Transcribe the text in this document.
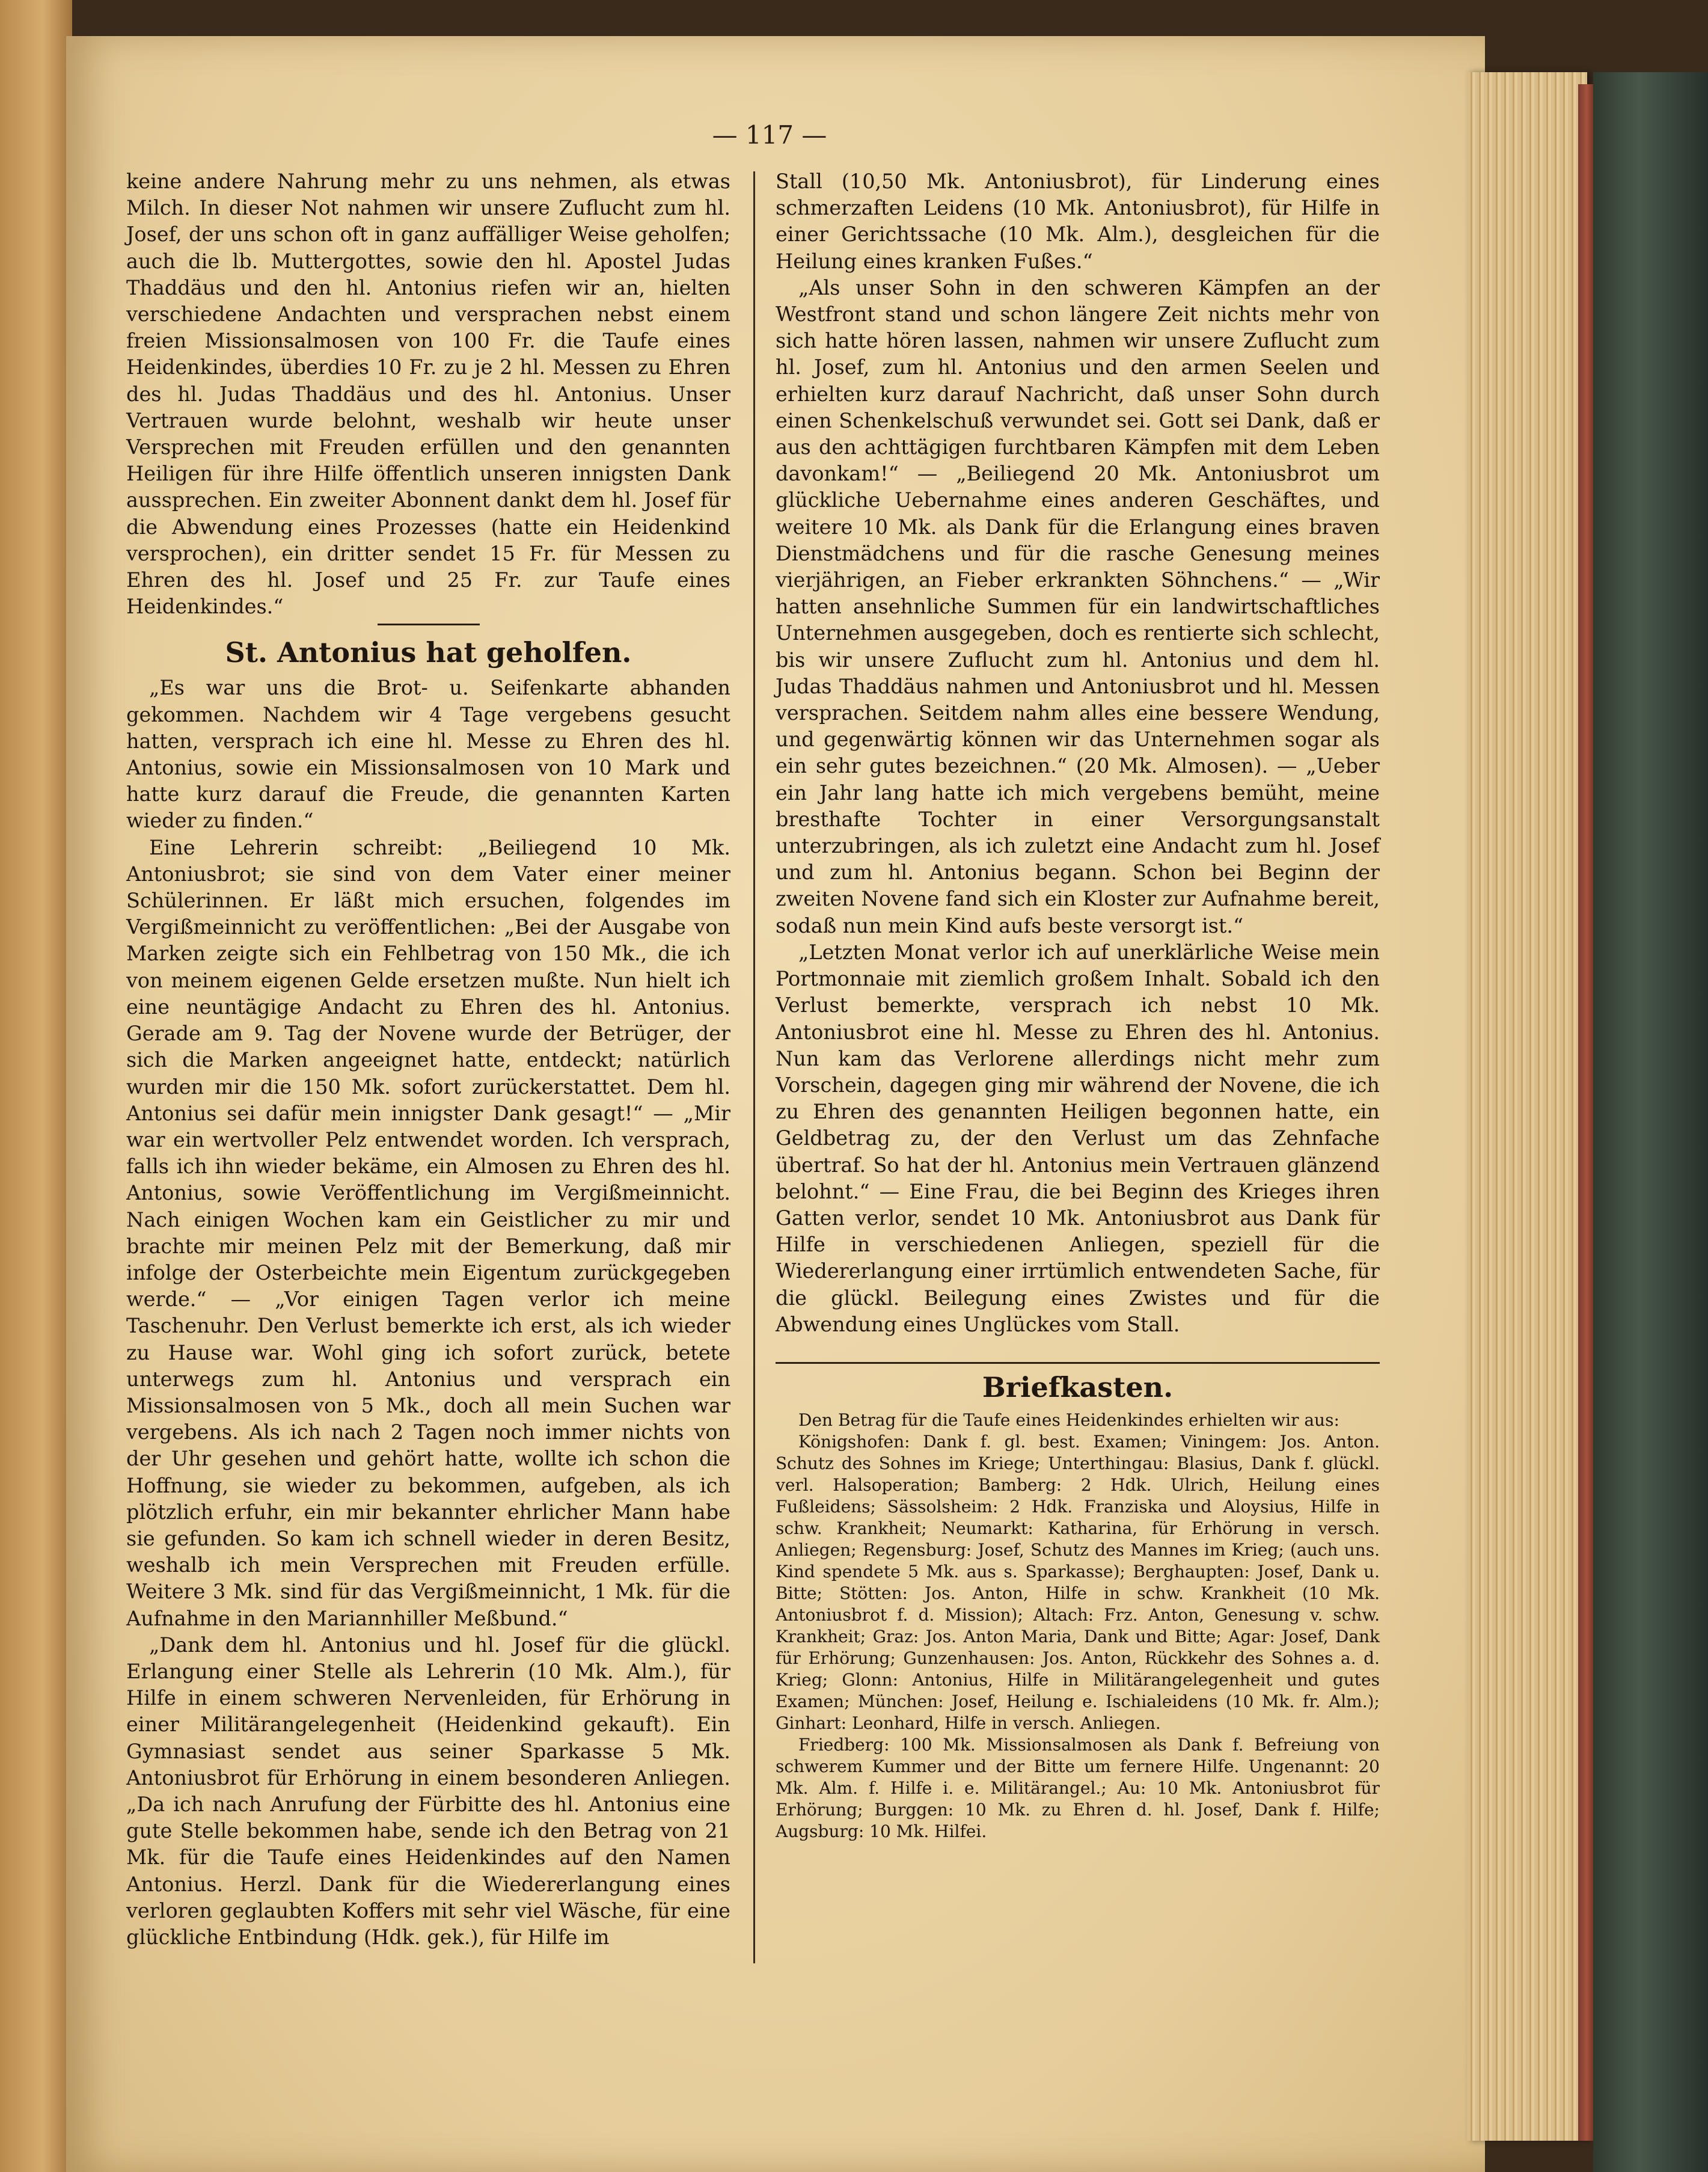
— 117 —

keine andere Nahrung mehr zu uns nehmen, als etwas Milch. In dieser Not nahmen wir unsere Zuflucht zum hl. Josef, der uns schon oft in ganz auffälliger Weise geholfen; auch die lb. Muttergottes, sowie den hl. Apostel Judas Thaddäus und den hl. Antonius riefen wir an, hielten verschiedene Andachten und versprachen nebst einem freien Missionsalmosen von 100 Fr. die Taufe eines Heidenkindes, überdies 10 Fr. zu je 2 hl. Messen zu Ehren des hl. Judas Thaddäus und des hl. Antonius. Unser Vertrauen wurde belohnt, weshalb wir heute unser Versprechen mit Freuden erfüllen und den genannten Heiligen für ihre Hilfe öffentlich unseren innigsten Dank aussprechen. Ein zweiter Abonnent dankt dem hl. Josef für die Abwendung eines Prozesses (hatte ein Heidenkind versprochen), ein dritter sendet 15 Fr. für Messen zu Ehren des hl. Josef und 25 Fr. zur Taufe eines Heidenkindes.“

St. Antonius hat geholfen.

„Es war uns die Brot- u. Seifenkarte abhanden gekommen. Nachdem wir 4 Tage vergebens gesucht hatten, versprach ich eine hl. Messe zu Ehren des hl. Antonius, sowie ein Missionsalmosen von 10 Mark und hatte kurz darauf die Freude, die genannten Karten wieder zu finden.“

Eine Lehrerin schreibt: „Beiliegend 10 Mk. Antoniusbrot; sie sind von dem Vater einer meiner Schülerinnen. Er läßt mich ersuchen, folgendes im Vergißmeinnicht zu veröffentlichen: „Bei der Ausgabe von Marken zeigte sich ein Fehlbetrag von 150 Mk., die ich von meinem eigenen Gelde ersetzen mußte. Nun hielt ich eine neuntägige Andacht zu Ehren des hl. Antonius. Gerade am 9. Tag der Novene wurde der Betrüger, der sich die Marken angeeignet hatte, entdeckt; natürlich wurden mir die 150 Mk. sofort zurückerstattet. Dem hl. Antonius sei dafür mein innigster Dank gesagt!“ — „Mir war ein wertvoller Pelz entwendet worden. Ich versprach, falls ich ihn wieder bekäme, ein Almosen zu Ehren des hl. Antonius, sowie Veröffentlichung im Vergißmeinnicht. Nach einigen Wochen kam ein Geistlicher zu mir und brachte mir meinen Pelz mit der Bemerkung, daß mir infolge der Osterbeichte mein Eigentum zurückgegeben werde.“ — „Vor einigen Tagen verlor ich meine Taschenuhr. Den Verlust bemerkte ich erst, als ich wieder zu Hause war. Wohl ging ich sofort zurück, betete unterwegs zum hl. Antonius und versprach ein Missionsalmosen von 5 Mk., doch all mein Suchen war vergebens. Als ich nach 2 Tagen noch immer nichts von der Uhr gesehen und gehört hatte, wollte ich schon die Hoffnung, sie wieder zu bekommen, aufgeben, als ich plötzlich erfuhr, ein mir bekannter ehrlicher Mann habe sie gefunden. So kam ich schnell wieder in deren Besitz, weshalb ich mein Versprechen mit Freuden erfülle. Weitere 3 Mk. sind für das Vergißmeinnicht, 1 Mk. für die Aufnahme in den Mariannhiller Meßbund.“

„Dank dem hl. Antonius und hl. Josef für die glückl. Erlangung einer Stelle als Lehrerin (10 Mk. Alm.), für Hilfe in einem schweren Nervenleiden, für Erhörung in einer Militärangelegenheit (Heidenkind gekauft). Ein Gymnasiast sendet aus seiner Sparkasse 5 Mk. Antoniusbrot für Erhörung in einem besonderen Anliegen. „Da ich nach Anrufung der Fürbitte des hl. Antonius eine gute Stelle bekommen habe, sende ich den Betrag von 21 Mk. für die Taufe eines Heidenkindes auf den Namen Antonius. Herzl. Dank für die Wiedererlangung eines verloren geglaubten Koffers mit sehr viel Wäsche, für eine glückliche Entbindung (Hdk. gek.), für Hilfe im

Stall (10,50 Mk. Antoniusbrot), für Linderung eines schmerzaften Leidens (10 Mk. Antoniusbrot), für Hilfe in einer Gerichtssache (10 Mk. Alm.), desgleichen für die Heilung eines kranken Fußes.“

„Als unser Sohn in den schweren Kämpfen an der Westfront stand und schon längere Zeit nichts mehr von sich hatte hören lassen, nahmen wir unsere Zuflucht zum hl. Josef, zum hl. Antonius und den armen Seelen und erhielten kurz darauf Nachricht, daß unser Sohn durch einen Schenkelschuß verwundet sei. Gott sei Dank, daß er aus den achttägigen furchtbaren Kämpfen mit dem Leben davonkam!“ — „Beiliegend 20 Mk. Antoniusbrot um glückliche Uebernahme eines anderen Geschäftes, und weitere 10 Mk. als Dank für die Erlangung eines braven Dienstmädchens und für die rasche Genesung meines vierjährigen, an Fieber erkrankten Söhnchens.“ — „Wir hatten ansehnliche Summen für ein landwirtschaftliches Unternehmen ausgegeben, doch es rentierte sich schlecht, bis wir unsere Zuflucht zum hl. Antonius und dem hl. Judas Thaddäus nahmen und Antoniusbrot und hl. Messen versprachen. Seitdem nahm alles eine bessere Wendung, und gegenwärtig können wir das Unternehmen sogar als ein sehr gutes bezeichnen.“ (20 Mk. Almosen). — „Ueber ein Jahr lang hatte ich mich vergebens bemüht, meine bresthafte Tochter in einer Versorgungsanstalt unterzubringen, als ich zuletzt eine Andacht zum hl. Josef und zum hl. Antonius begann. Schon bei Beginn der zweiten Novene fand sich ein Kloster zur Aufnahme bereit, sodaß nun mein Kind aufs beste versorgt ist.“

„Letzten Monat verlor ich auf unerklärliche Weise mein Portmonnaie mit ziemlich großem Inhalt. Sobald ich den Verlust bemerkte, versprach ich nebst 10 Mk. Antoniusbrot eine hl. Messe zu Ehren des hl. Antonius. Nun kam das Verlorene allerdings nicht mehr zum Vorschein, dagegen ging mir während der Novene, die ich zu Ehren des genannten Heiligen begonnen hatte, ein Geldbetrag zu, der den Verlust um das Zehnfache übertraf. So hat der hl. Antonius mein Vertrauen glänzend belohnt.“ — Eine Frau, die bei Beginn des Krieges ihren Gatten verlor, sendet 10 Mk. Antoniusbrot aus Dank für Hilfe in verschiedenen Anliegen, speziell für die Wiedererlangung einer irrtümlich entwendeten Sache, für die glückl. Beilegung eines Zwistes und für die Abwendung eines Unglückes vom Stall.

Briefkasten.

Den Betrag für die Taufe eines Heidenkindes erhielten wir aus:

Königshofen: Dank f. gl. best. Examen; Viningem: Jos. Anton. Schutz des Sohnes im Kriege; Unterthingau: Blasius, Dank f. glückl. verl. Halsoperation; Bamberg: 2 Hdk. Ulrich, Heilung eines Fußleidens; Sässolsheim: 2 Hdk. Franziska und Aloysius, Hilfe in schw. Krankheit; Neumarkt: Katharina, für Erhörung in versch. Anliegen; Regensburg: Josef, Schutz des Mannes im Krieg; (auch uns. Kind spendete 5 Mk. aus s. Sparkasse); Berghaupten: Josef, Dank u. Bitte; Stötten: Jos. Anton, Hilfe in schw. Krankheit (10 Mk. Antoniusbrot f. d. Mission); Altach: Frz. Anton, Genesung v. schw. Krankheit; Graz: Jos. Anton Maria, Dank und Bitte; Agar: Josef, Dank für Erhörung; Gunzenhausen: Jos. Anton, Rückkehr des Sohnes a. d. Krieg; Glonn: Antonius, Hilfe in Militärangelegenheit und gutes Examen; München: Josef, Heilung e. Ischialeidens (10 Mk. fr. Alm.); Ginhart: Leonhard, Hilfe in versch. Anliegen.

Friedberg: 100 Mk. Missionsalmosen als Dank f. Befreiung von schwerem Kummer und der Bitte um fernere Hilfe. Ungenannt: 20 Mk. Alm. f. Hilfe i. e. Militärangel.; Au: 10 Mk. Antoniusbrot für Erhörung; Burggen: 10 Mk. zu Ehren d. hl. Josef, Dank f. Hilfe; Augsburg: 10 Mk. Hilfei.
